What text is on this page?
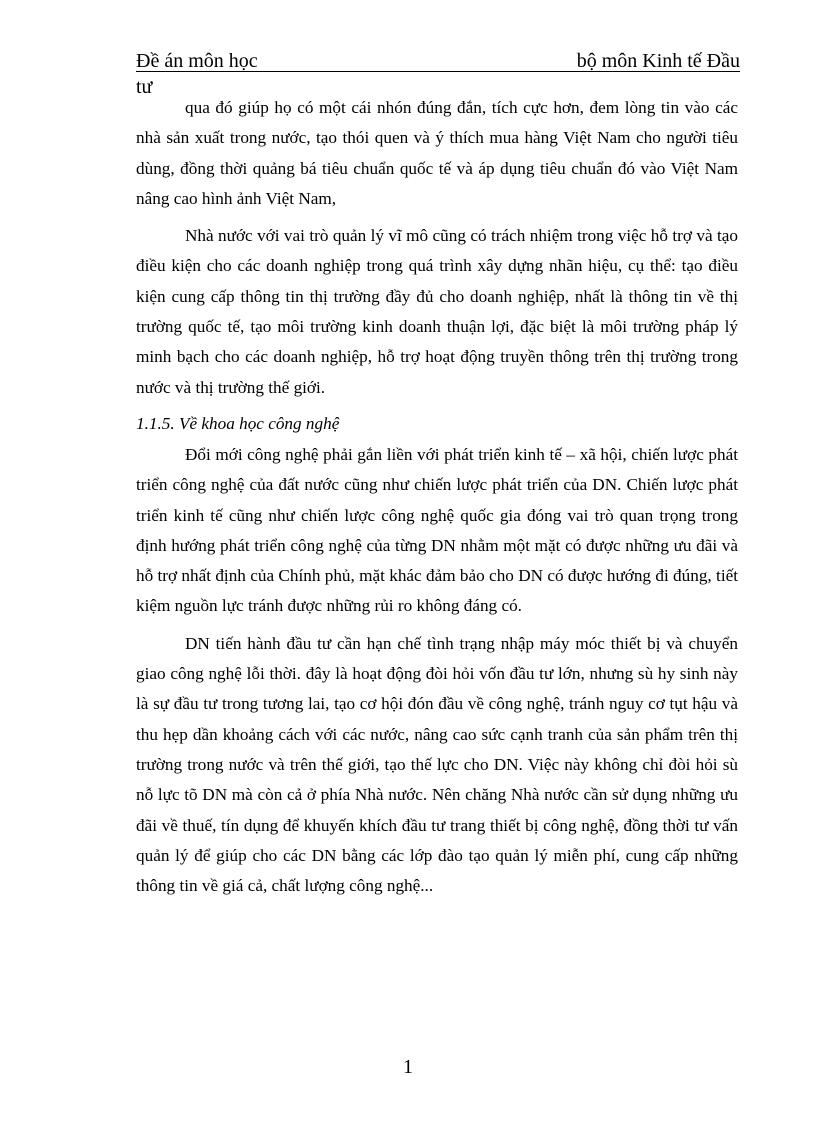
Đề án môn học	bộ môn Kinh tế Đầu
tư

qua đó giúp họ có một cái nhón đúng đắn, tích cực hơn, đem lòng tin vào các nhà sản xuất trong nước, tạo thói quen và ý thích mua hàng Việt Nam cho người tiêu dùng, đồng thời quảng bá tiêu chuẩn quốc tế và áp dụng tiêu chuẩn đó vào Việt Nam nâng cao hình ảnh Việt Nam,

Nhà nước với vai trò quản lý vĩ mô cũng có trách nhiệm trong việc hỗ trợ và tạo điều kiện cho các doanh nghiệp trong quá trình xây dựng nhãn hiệu, cụ thể: tạo điều kiện cung cấp thông tin thị trường đầy đủ cho doanh nghiệp, nhất là thông tin về thị trường quốc tế, tạo môi trường kinh doanh thuận lợi, đặc biệt là môi trường pháp lý minh bạch cho các doanh nghiệp, hỗ trợ hoạt động truyền thông trên thị trường trong nước và thị trường thế giới.

1.1.5. Về khoa học công nghệ

Đổi mới công nghệ phải gắn liền với phát triển kinh tế – xã hội, chiến lược phát triển công nghệ của đất nước cũng như chiến lược phát triển của DN. Chiến lược phát triển kinh tế cũng như chiến lược công nghệ quốc gia đóng vai trò quan trọng trong định hướng phát triển công nghệ của từng DN nhằm một mặt có được những ưu đãi và hỗ trợ nhất định của Chính phủ, mặt khác đảm bảo cho DN có được hướng đi đúng, tiết kiệm nguồn lực tránh được những rủi ro không đáng có.

DN tiến hành đầu tư cần hạn chế tình trạng nhập máy móc thiết bị và chuyển giao công nghệ lỗi thời. đây là hoạt động đòi hỏi vốn đầu tư lớn, nhưng sù hy sinh này là sự đầu tư trong tương lai, tạo cơ hội đón đầu về công nghệ, tránh nguy cơ tụt hậu và thu hẹp dần khoảng cách với các nước, nâng cao sức cạnh tranh của sản phẩm trên thị trường trong nước và trên thế giới, tạo thế lực cho DN. Việc này không chỉ đòi hỏi sù nỗ lực tõ DN mà còn cả ở phía Nhà nước. Nên chăng Nhà nước cần sử dụng những ưu đãi về thuế, tín dụng để khuyến khích đầu tư trang thiết bị công nghệ, đồng thời tư vấn quản lý để giúp cho các DN bằng các lớp đào tạo quản lý miễn phí, cung cấp những thông tin về giá cả, chất lượng công nghệ...

1
